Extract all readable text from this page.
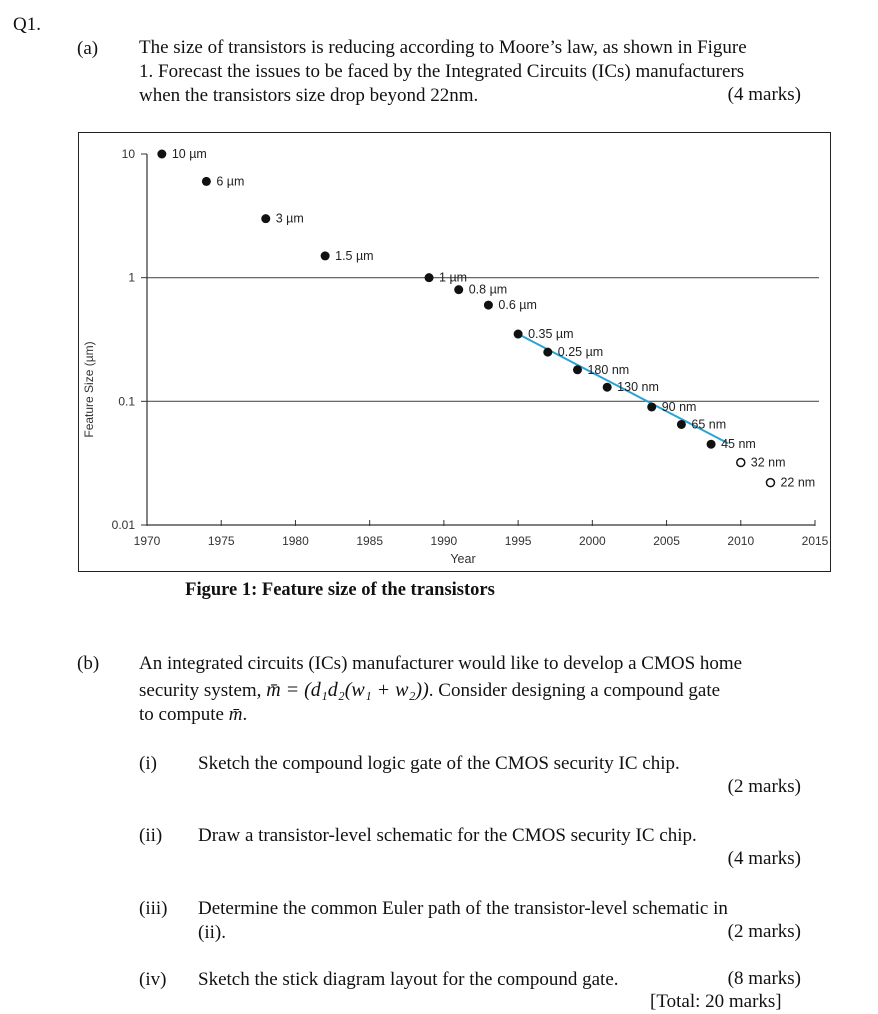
Q1.
(a) The size of transistors is reducing according to Moore’s law, as shown in Figure
1. Forecast the issues to be faced by the Integrated Circuits (ICs) manufacturers
when the transistors size drop beyond 22nm.	(4 marks)
0.01
0.1
1
10
1970	1975	1980	1985	1990	1995	2000	2005	2010	2015
Year
Feature Size (µm)
10 µm
6 µm
3 µm
1.5 µm
1 µm
0.8 µm
0.6 µm
0.35 µm
0.25 µm
180 nm
130 nm
90 nm
65 nm
45 nm
32 nm
22 nm
Figure 1: Feature size of the transistors
(b) An integrated circuits (ICs) manufacturer would like to develop a CMOS home
security system, m̄ = (d₁d₂(w₁ + w₂)). Consider designing a compound gate
to compute m̄.
(i) Sketch the compound logic gate of the CMOS security IC chip.
(2 marks)
(ii) Draw a transistor-level schematic for the CMOS security IC chip.
(4 marks)
(iii) Determine the common Euler path of the transistor-level schematic in
(ii).	(2 marks)
(iv) Sketch the stick diagram layout for the compound gate.	(8 marks)
[Total: 20 marks]
